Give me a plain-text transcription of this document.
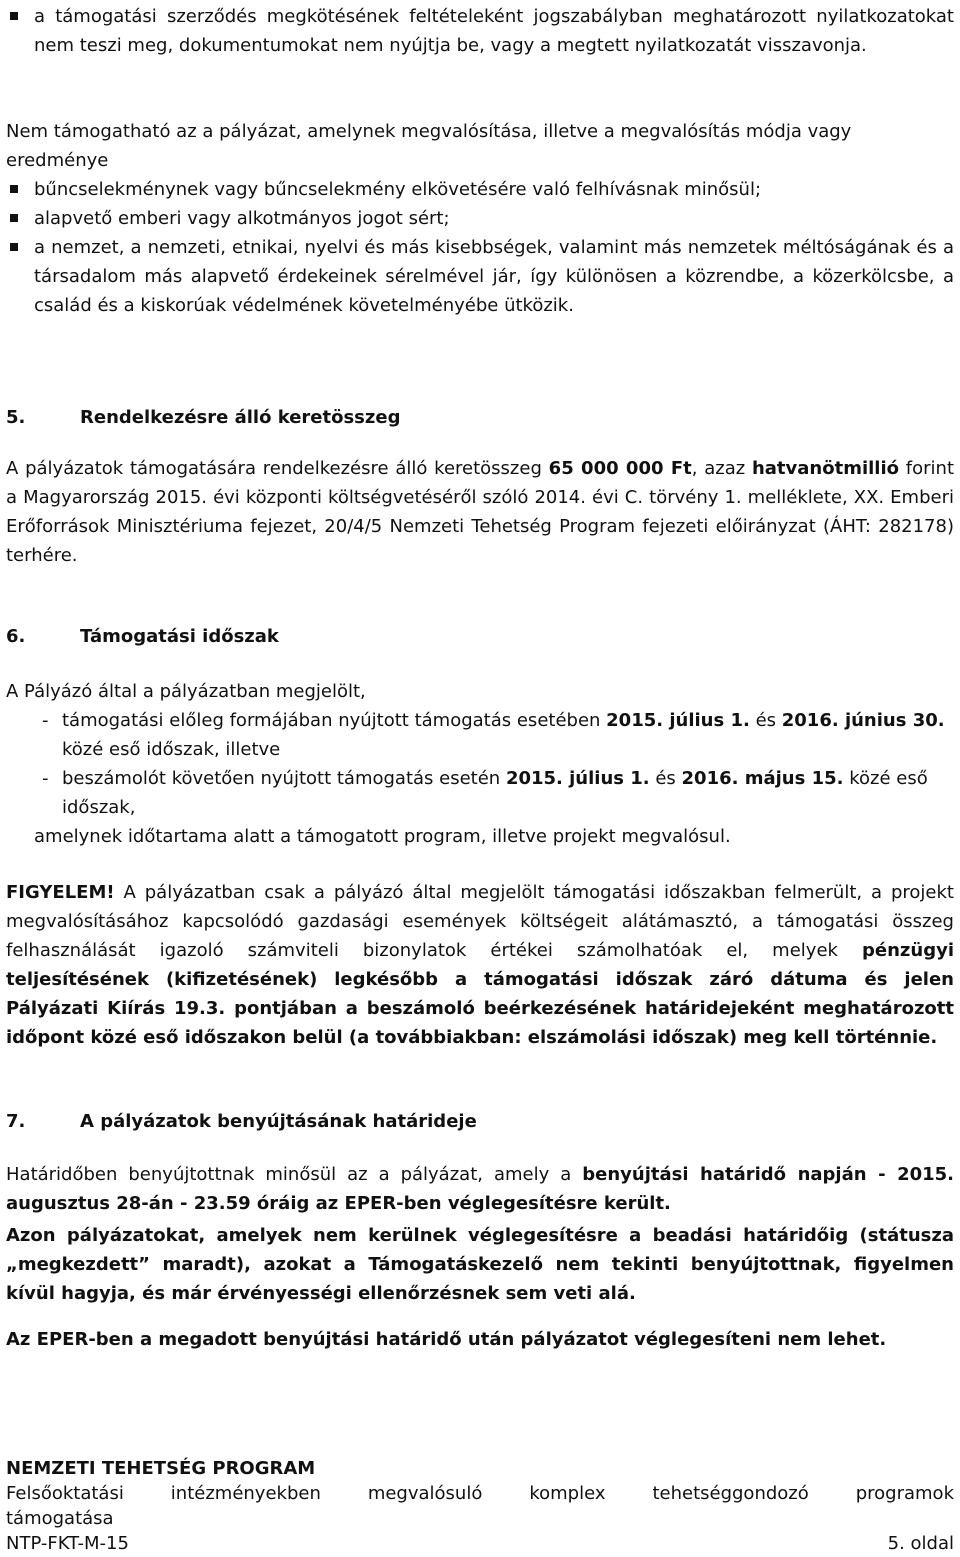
a támogatási szerződés megkötésének feltételeként jogszabályban meghatározott nyilatkozatokat nem teszi meg, dokumentumokat nem nyújtja be, vagy a megtett nyilatkozatát visszavonja.

Nem támogatható az a pályázat, amelynek megvalósítása, illetve a megvalósítás módja vagy eredménye

bűncselekménynek vagy bűncselekmény elkövetésére való felhívásnak minősül;
alapvető emberi vagy alkotmányos jogot sért;
a nemzet, a nemzeti, etnikai, nyelvi és más kisebbségek, valamint más nemzetek méltóságának és a társadalom más alapvető érdekeinek sérelmével jár, így különösen a közrendbe, a közerkölcsbe, a család és a kiskorúak védelmének követelményébe ütközik.
5.	Rendelkezésre álló keretösszeg

A pályázatok támogatására rendelkezésre álló keretösszeg 65 000 000 Ft, azaz hatvanötmillió forint a Magyarország 2015. évi központi költségvetéséről szóló 2014. évi C. törvény 1. melléklete, XX. Emberi Erőforrások Minisztériuma fejezet, 20/4/5 Nemzeti Tehetség Program fejezeti előirányzat (ÁHT: 282178) terhére.

6.	Támogatási időszak

A Pályázó által a pályázatban megjelölt,

- támogatási előleg formájában nyújtott támogatás esetében 2015. július 1. és 2016. június 30. közé eső időszak, illetve
- beszámolót követően nyújtott támogatás esetén 2015. július 1. és 2016. május 15. közé eső időszak,

amelynek időtartama alatt a támogatott program, illetve projekt megvalósul.

FIGYELEM! A pályázatban csak a pályázó által megjelölt támogatási időszakban felmerült, a projekt megvalósításához kapcsolódó gazdasági események költségeit alátámasztó, a támogatási összeg felhasználását igazoló számviteli bizonylatok értékei számolhatóak el, melyek pénzügyi teljesítésének (kifizetésének) legkésőbb a támogatási időszak záró dátuma és jelen Pályázati Kiírás 19.3. pontjában a beszámoló beérkezésének határidejeként meghatározott időpont közé eső időszakon belül (a továbbiakban: elszámolási időszak) meg kell történnie.

7.	A pályázatok benyújtásának határideje

Határidőben benyújtottnak minősül az a pályázat, amely a benyújtási határidő napján - 2015. augusztus 28-án - 23.59 óráig az EPER-ben véglegesítésre került.

Azon pályázatokat, amelyek nem kerülnek véglegesítésre a beadási határidőig (státusza „megkezdett” maradt), azokat a Támogatáskezelő nem tekinti benyújtottnak, figyelmen kívül hagyja, és már érvényességi ellenőrzésnek sem veti alá.

Az EPER-ben a megadott benyújtási határidő után pályázatot véglegesíteni nem lehet.

NEMZETI TEHETSÉG PROGRAM
Felsőoktatási intézményekben megvalósuló komplex tehetséggondozó programok
támogatása
NTP-FKT-M-15	5. oldal
